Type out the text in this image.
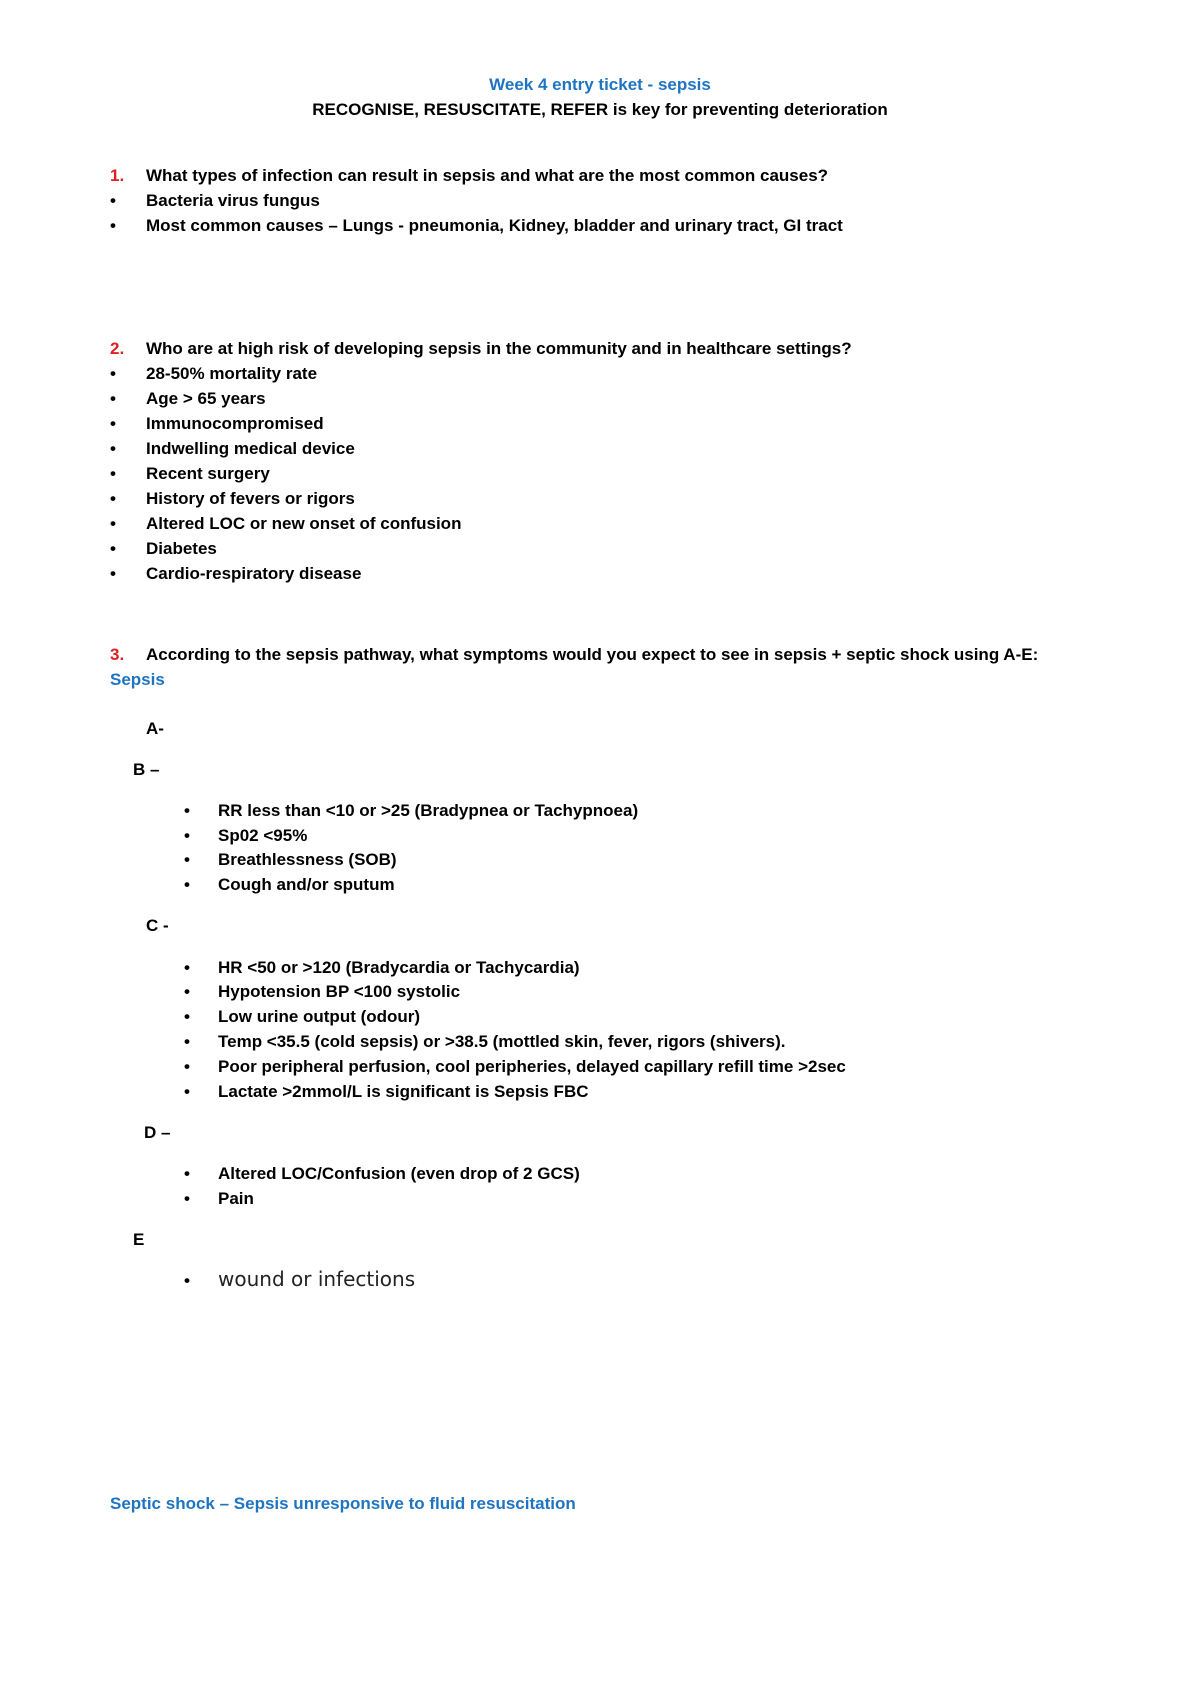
Week 4 entry ticket - sepsis
RECOGNISE, RESUSCITATE, REFER is key for preventing deterioration
1. What types of infection can result in sepsis and what are the most common causes?
• Bacteria virus fungus
• Most common causes – Lungs - pneumonia, Kidney, bladder and urinary tract, GI tract
2. Who are at high risk of developing sepsis in the community and in healthcare settings?
• 28-50% mortality rate
• Age > 65 years
• Immunocompromised
• Indwelling medical device
• Recent surgery
• History of fevers or rigors
• Altered LOC or new onset of confusion
• Diabetes
• Cardio-respiratory disease
3. According to the sepsis pathway, what symptoms would you expect to see in sepsis + septic shock using A-E:
Sepsis
A-
B –
• RR less than <10 or >25 (Bradypnea or Tachypnoea)
• Sp02 <95%
• Breathlessness (SOB)
• Cough and/or sputum
C -
• HR <50 or >120 (Bradycardia or Tachycardia)
• Hypotension BP <100 systolic
• Low urine output (odour)
• Temp <35.5 (cold sepsis) or >38.5 (mottled skin, fever, rigors (shivers).
• Poor peripheral perfusion, cool peripheries, delayed capillary refill time >2sec
• Lactate >2mmol/L is significant is Sepsis FBC
D –
• Altered LOC/Confusion (even drop of 2 GCS)
• Pain
E
• wound or infections
Septic shock – Sepsis unresponsive to fluid resuscitation
